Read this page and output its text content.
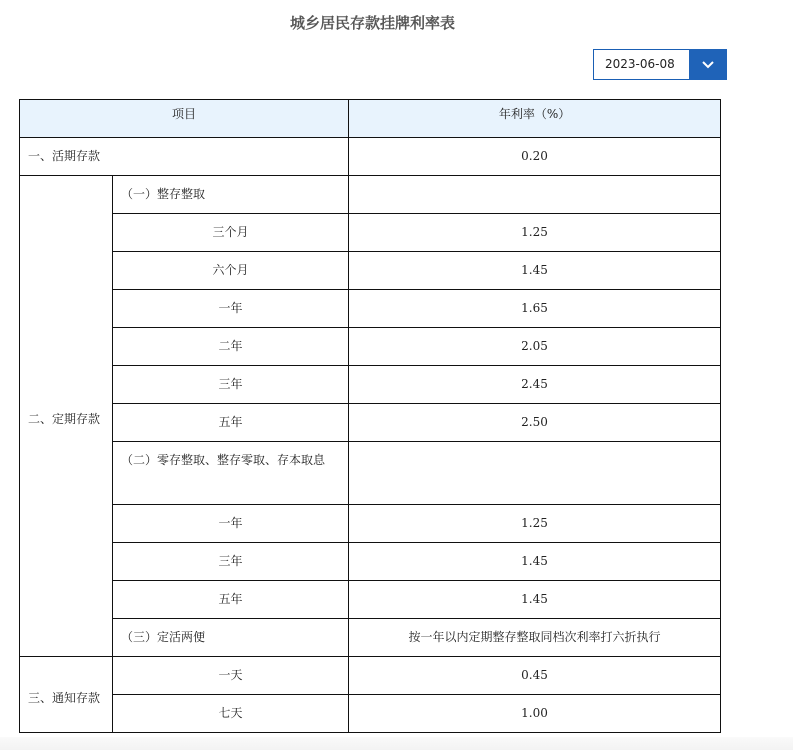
城乡居民存款挂牌利率表
2023-06-08
项目		年利率（%）
一、活期存款		0.20
二、定期存款	（一）整存整取	
	三个月	1.25
	六个月	1.45
	一年	1.65
	二年	2.05
	三年	2.45
	五年	2.50
	（二）零存整取、整存零取、存本取息	
	一年	1.25
	三年	1.45
	五年	1.45
	（三）定活两便	按一年以内定期整存整取同档次利率打六折执行
三、通知存款	一天	0.45
	七天	1.00
